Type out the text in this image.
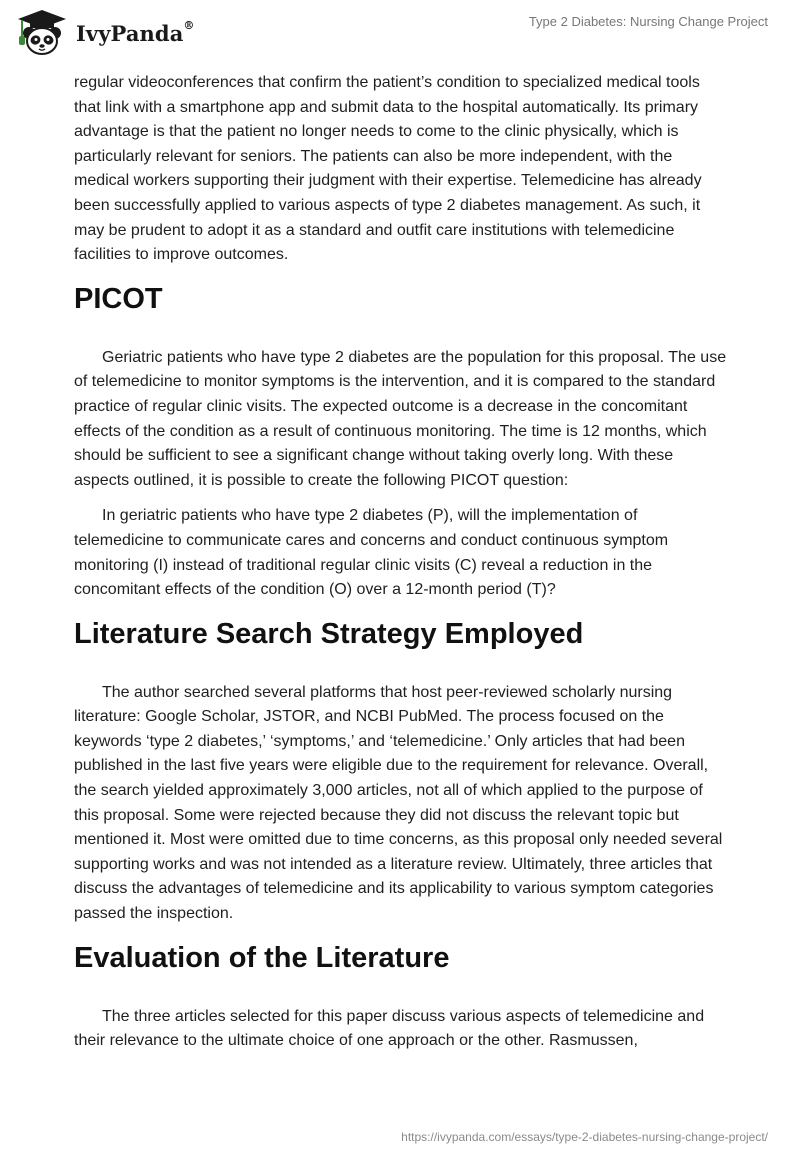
IvyPanda®	Type 2 Diabetes: Nursing Change Project

regular videoconferences that confirm the patient’s condition to specialized medical tools that link with a smartphone app and submit data to the hospital automatically. Its primary advantage is that the patient no longer needs to come to the clinic physically, which is particularly relevant for seniors. The patients can also be more independent, with the medical workers supporting their judgment with their expertise. Telemedicine has already been successfully applied to various aspects of type 2 diabetes management. As such, it may be prudent to adopt it as a standard and outfit care institutions with telemedicine facilities to improve outcomes.

PICOT

Geriatric patients who have type 2 diabetes are the population for this proposal. The use of telemedicine to monitor symptoms is the intervention, and it is compared to the standard practice of regular clinic visits. The expected outcome is a decrease in the concomitant effects of the condition as a result of continuous monitoring. The time is 12 months, which should be sufficient to see a significant change without taking overly long. With these aspects outlined, it is possible to create the following PICOT question:

In geriatric patients who have type 2 diabetes (P), will the implementation of telemedicine to communicate cares and concerns and conduct continuous symptom monitoring (I) instead of traditional regular clinic visits (C) reveal a reduction in the concomitant effects of the condition (O) over a 12-month period (T)?

Literature Search Strategy Employed

The author searched several platforms that host peer-reviewed scholarly nursing literature: Google Scholar, JSTOR, and NCBI PubMed. The process focused on the keywords ‘type 2 diabetes,’ ‘symptoms,’ and ‘telemedicine.’ Only articles that had been published in the last five years were eligible due to the requirement for relevance. Overall, the search yielded approximately 3,000 articles, not all of which applied to the purpose of this proposal. Some were rejected because they did not discuss the relevant topic but mentioned it. Most were omitted due to time concerns, as this proposal only needed several supporting works and was not intended as a literature review. Ultimately, three articles that discuss the advantages of telemedicine and its applicability to various symptom categories passed the inspection.

Evaluation of the Literature

The three articles selected for this paper discuss various aspects of telemedicine and their relevance to the ultimate choice of one approach or the other. Rasmussen,

https://ivypanda.com/essays/type-2-diabetes-nursing-change-project/
